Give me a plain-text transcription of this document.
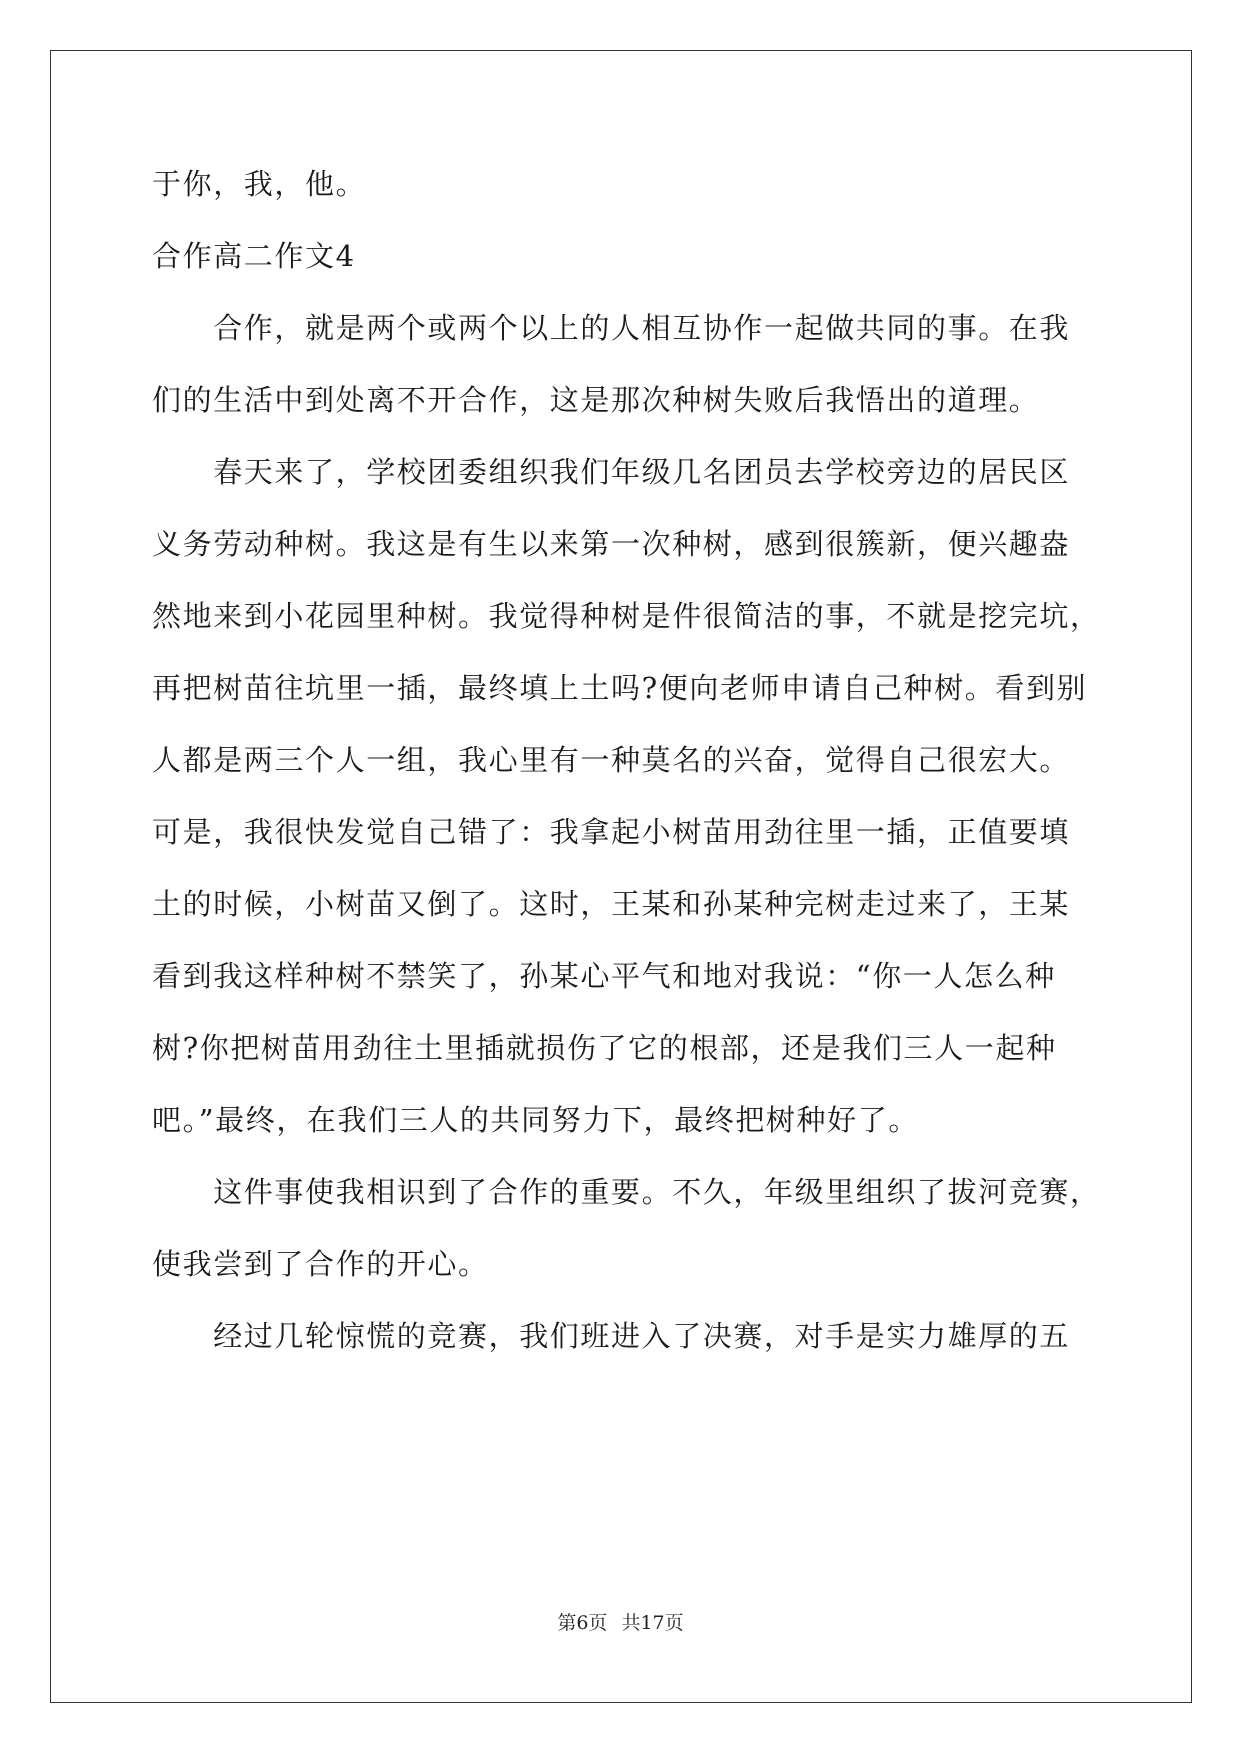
于你，我，他。
合作高二作文4
　　合作，就是两个或两个以上的人相互协作一起做共同的事。在我
们的生活中到处离不开合作，这是那次种树失败后我悟出的道理。
　　春天来了，学校团委组织我们年级几名团员去学校旁边的居民区
义务劳动种树。我这是有生以来第一次种树，感到很簇新，便兴趣盎
然地来到小花园里种树。我觉得种树是件很简洁的事，不就是挖完坑，
再把树苗往坑里一插，最终填上土吗?便向老师申请自己种树。看到别
人都是两三个人一组，我心里有一种莫名的兴奋，觉得自己很宏大。
可是，我很快发觉自己错了：我拿起小树苗用劲往里一插，正值要填
土的时候，小树苗又倒了。这时，王某和孙某种完树走过来了，王某
看到我这样种树不禁笑了，孙某心平气和地对我说：“你一人怎么种
树?你把树苗用劲往土里插就损伤了它的根部，还是我们三人一起种
吧。”最终，在我们三人的共同努力下，最终把树种好了。
　　这件事使我相识到了合作的重要。不久，年级里组织了拔河竞赛，
使我尝到了合作的开心。
　　经过几轮惊慌的竞赛，我们班进入了决赛，对手是实力雄厚的五
第6页 共17页
